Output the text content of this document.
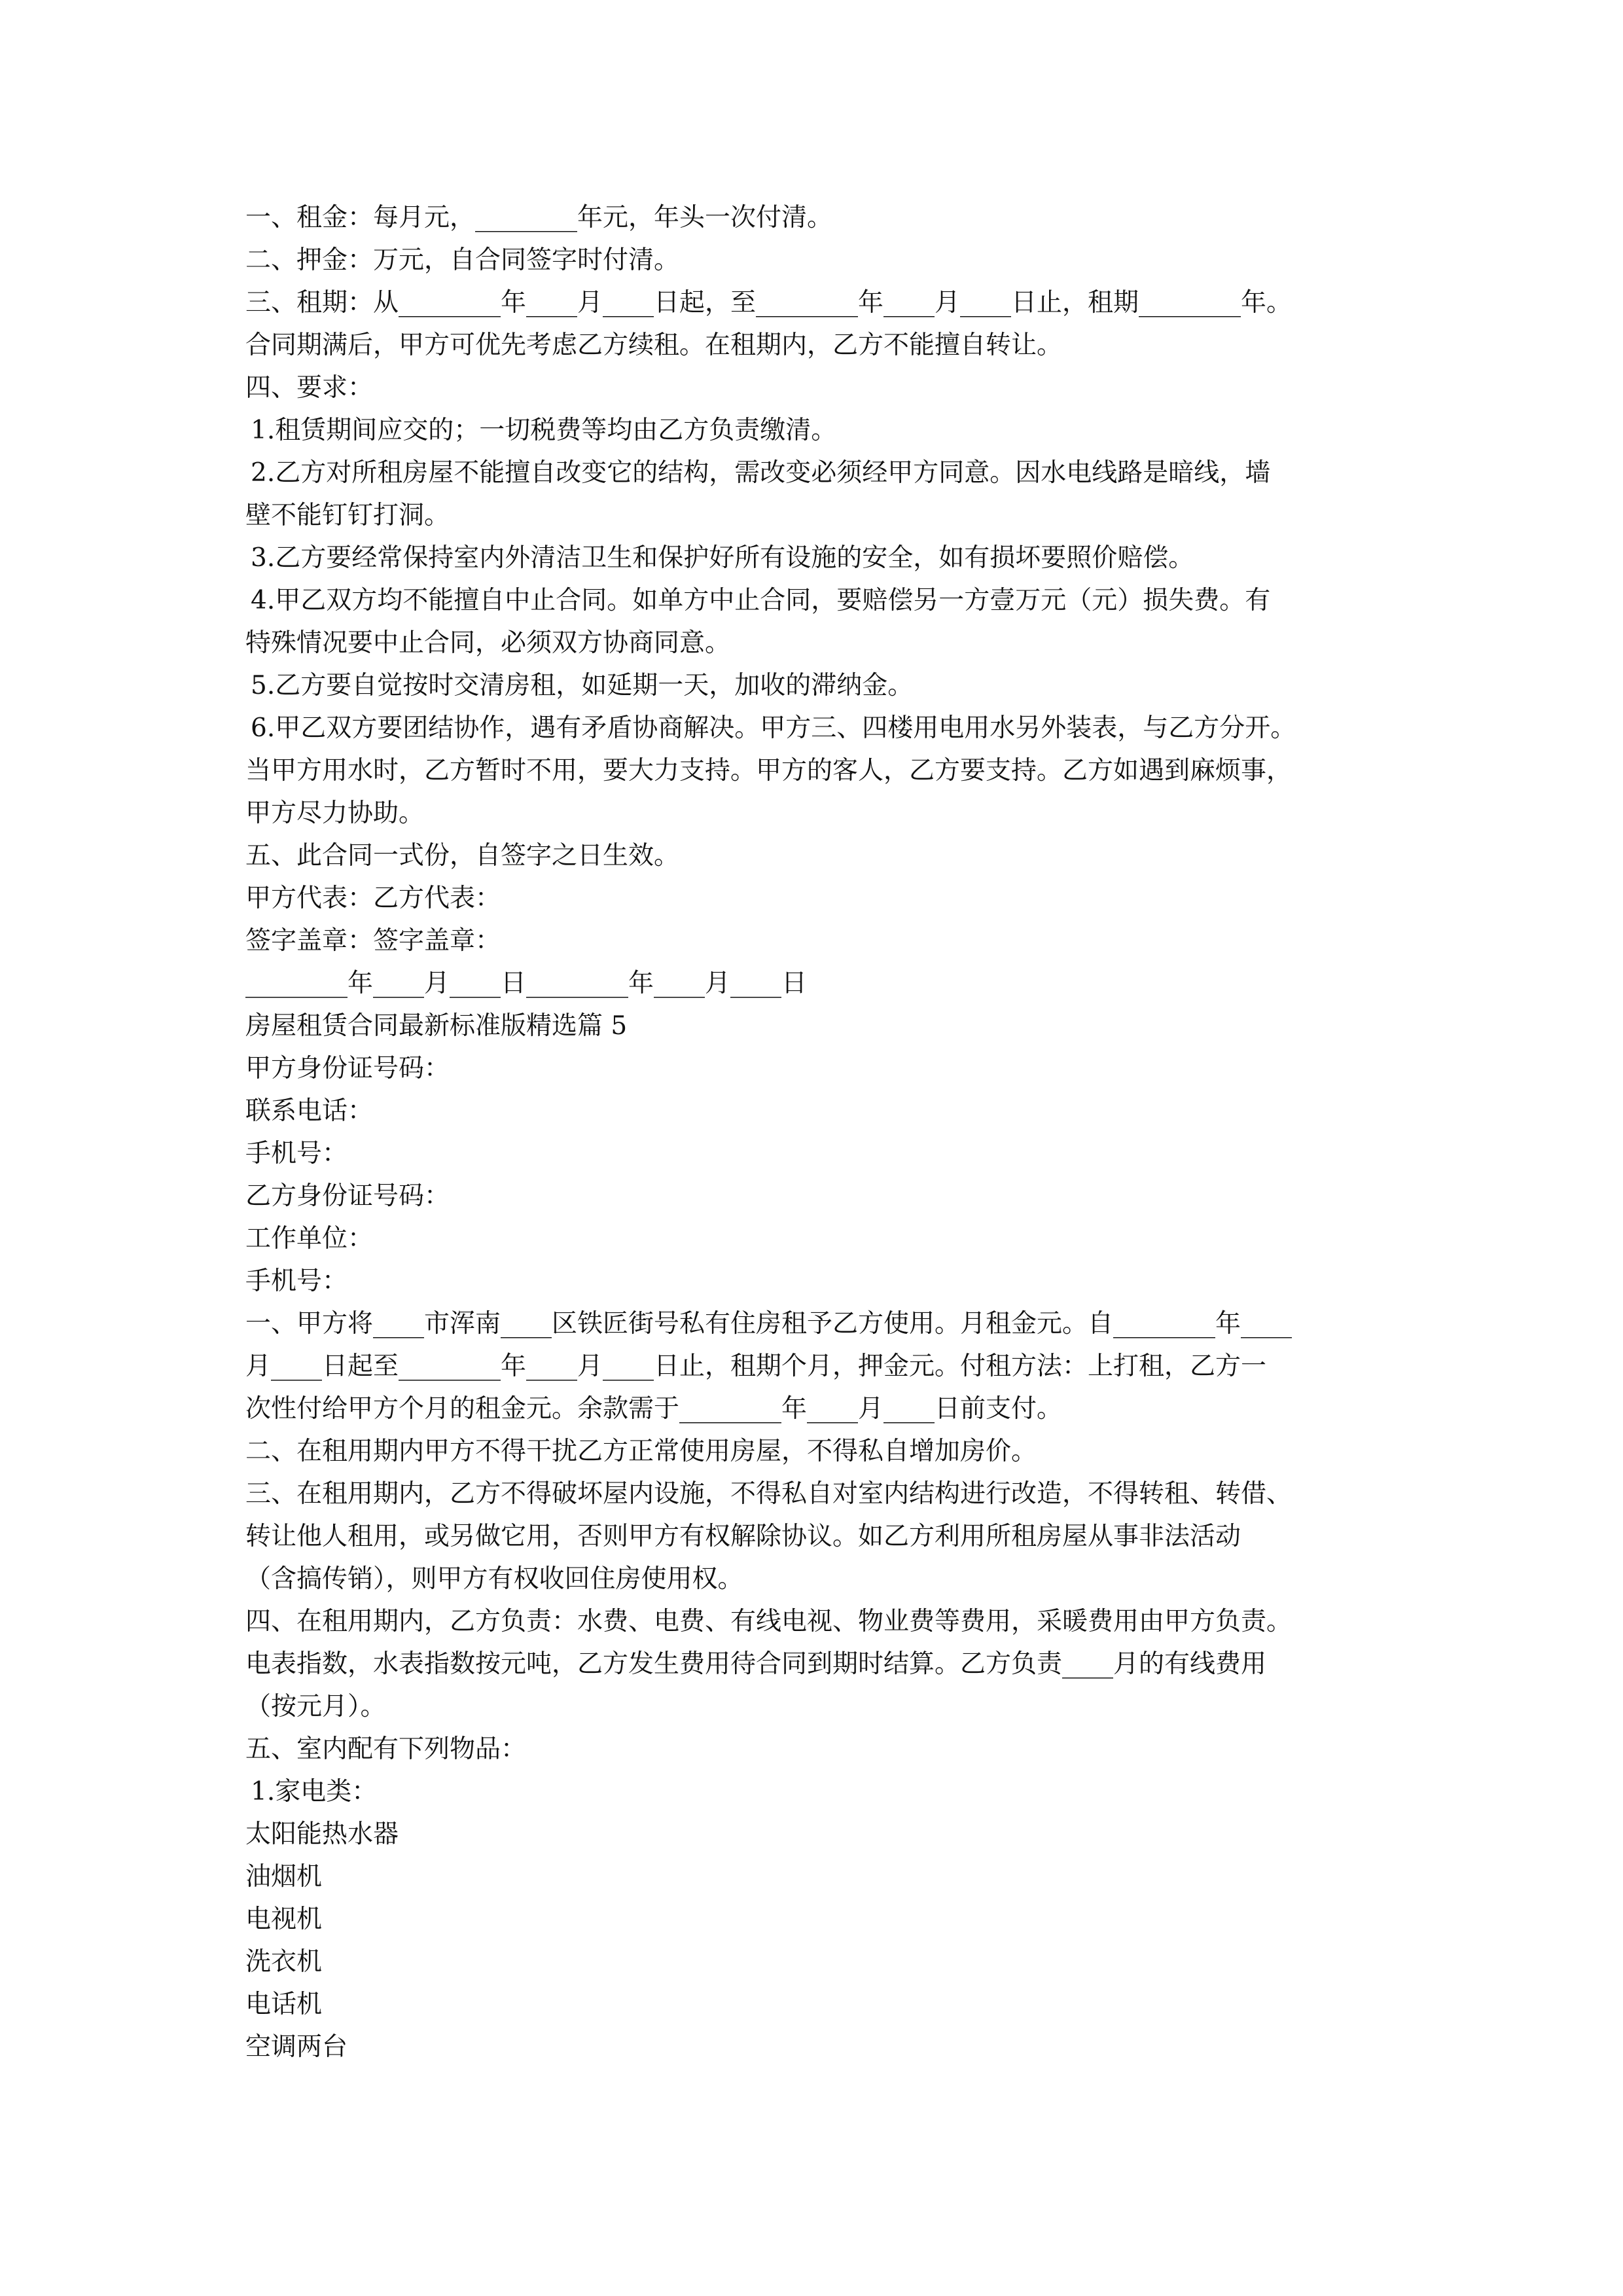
一、租金：每月元，________年元，年头一次付清。

二、押金：万元，自合同签字时付清。

三、租期：从________年____月____日起，至________年____月____日止，租期________年。

合同期满后，甲方可优先考虑乙方续租。在租期内，乙方不能擅自转让。

四、要求：

1.租赁期间应交的；一切税费等均由乙方负责缴清。

2.乙方对所租房屋不能擅自改变它的结构，需改变必须经甲方同意。因水电线路是暗线，墙

壁不能钉钉打洞。

3.乙方要经常保持室内外清洁卫生和保护好所有设施的安全，如有损坏要照价赔偿。

4.甲乙双方均不能擅自中止合同。如单方中止合同，要赔偿另一方壹万元（元）损失费。有

特殊情况要中止合同，必须双方协商同意。

5.乙方要自觉按时交清房租，如延期一天，加收的滞纳金。

6.甲乙双方要团结协作，遇有矛盾协商解决。甲方三、四楼用电用水另外装表，与乙方分开。

当甲方用水时，乙方暂时不用，要大力支持。甲方的客人，乙方要支持。乙方如遇到麻烦事，

甲方尽力协助。

五、此合同一式份，自签字之日生效。

甲方代表：乙方代表：

签字盖章：签字盖章：

________年____月____日________年____月____日

房屋租赁合同最新标准版精选篇 5

甲方身份证号码：

联系电话：

手机号：

乙方身份证号码：

工作单位：

手机号：

一、甲方将____市浑南____区铁匠街号私有住房租予乙方使用。月租金元。自________年____

月____日起至________年____月____日止，租期个月，押金元。付租方法：上打租，乙方一

次性付给甲方个月的租金元。余款需于________年____月____日前支付。

二、在租用期内甲方不得干扰乙方正常使用房屋，不得私自增加房价。

三、在租用期内，乙方不得破坏屋内设施，不得私自对室内结构进行改造，不得转租、转借、

转让他人租用，或另做它用，否则甲方有权解除协议。如乙方利用所租房屋从事非法活动

（含搞传销），则甲方有权收回住房使用权。

四、在租用期内，乙方负责：水费、电费、有线电视、物业费等费用，采暖费用由甲方负责。

电表指数，水表指数按元吨，乙方发生费用待合同到期时结算。乙方负责____月的有线费用

（按元月）。

五、室内配有下列物品：

1.家电类：

太阳能热水器

油烟机

电视机

洗衣机

电话机

空调两台
